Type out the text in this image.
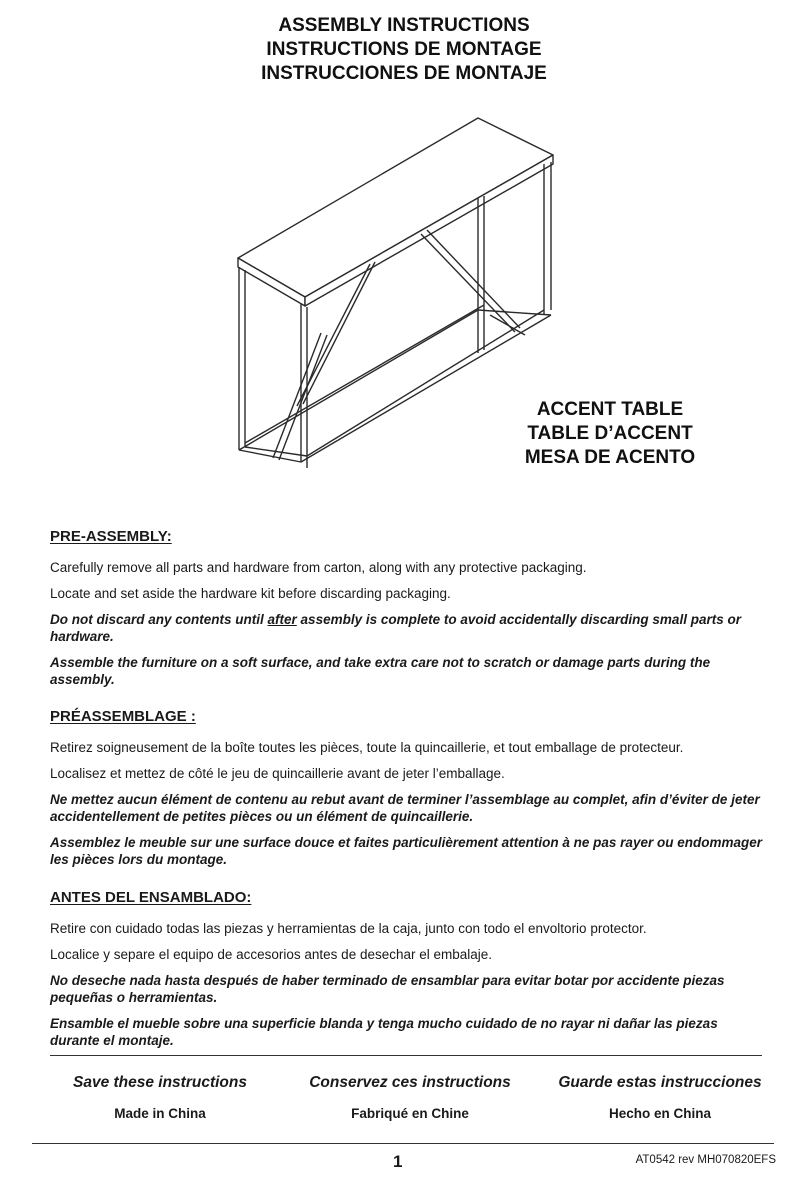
ASSEMBLY INSTRUCTIONS
INSTRUCTIONS DE MONTAGE
INSTRUCCIONES DE MONTAJE
ACCENT TABLE
TABLE D’ACCENT
MESA DE ACENTO
PRE-ASSEMBLY:

Carefully remove all parts and hardware from carton, along with any protective packaging.

Locate and set aside the hardware kit before discarding packaging.

Do not discard any contents until after assembly is complete to avoid accidentally discarding small parts or hardware.

Assemble the furniture on a soft surface, and take extra care not to scratch or damage parts during the assembly.

PRÉASSEMBLAGE :

Retirez soigneusement de la boîte toutes les pièces, toute la quincaillerie, et tout emballage de protecteur.

Localisez et mettez de côté le jeu de quincaillerie avant de jeter l’emballage.

Ne mettez aucun élément de contenu au rebut avant de terminer l’assemblage au complet, afin d’éviter de jeter accidentellement de petites pièces ou un élément de quincaillerie.

Assemblez le meuble sur une surface douce et faites particulièrement attention à ne pas rayer ou endommager les pièces lors du montage.

ANTES DEL ENSAMBLADO:

Retire con cuidado todas las piezas y herramientas de la caja, junto con todo el envoltorio protector.

Localice y separe el equipo de accesorios antes de desechar el embalaje.

No deseche nada hasta después de haber terminado de ensamblar para evitar botar por accidente piezas pequeñas o herramientas.

Ensamble el mueble sobre una superficie blanda y tenga mucho cuidado de no rayar ni dañar las piezas durante el montaje.

Save these instructions	Conservez ces instructions	Guarde estas instrucciones
Made in China	Fabriqué en Chine	Hecho en China
1	AT0542 rev MH070820EFS
